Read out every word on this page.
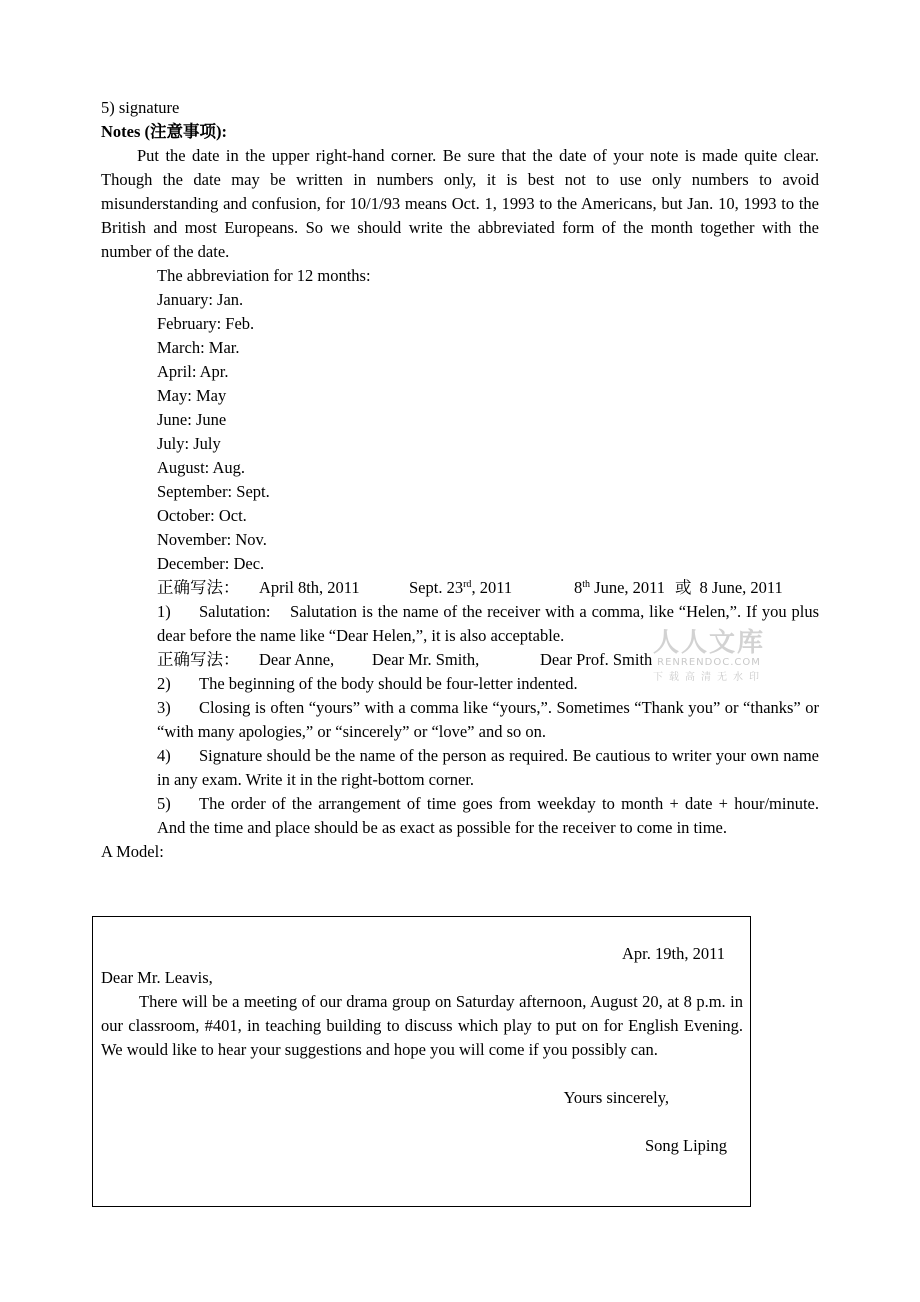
5) signature
Notes (注意事项):
Put the date in the upper right-hand corner. Be sure that the date of your note is made quite clear. Though the date may be written in numbers only, it is best not to use only numbers to avoid misunderstanding and confusion, for 10/1/93 means Oct. 1, 1993 to the Americans, but Jan. 10, 1993 to the British and most Europeans. So we should write the abbreviated form of the month together with the number of the date.
The abbreviation for 12 months:
January: Jan.
February: Feb.
March: Mar.
April: Apr.
May: May
June: June
July: July
August: Aug.
September: Sept.
October: Oct.
November: Nov.
December: Dec.
正确写法： April 8th, 2011	Sept. 23rd, 2011	8th June, 2011 或 8 June, 2011
1) Salutation:    Salutation is the name of the receiver with a comma, like “Helen,”. If you plus dear before the name like “Dear Helen,”, it is also acceptable.
正确写法： Dear Anne, Dear Mr. Smith,	Dear Prof. Smith
2) The beginning of the body should be four-letter indented.
3) Closing is often “yours” with a comma like “yours,”. Sometimes “Thank you” or “thanks” or “with many apologies,” or “sincerely” or “love” and so on.
4) Signature should be the name of the person as required. Be cautious to writer your own name in any exam. Write it in the right-bottom corner.
5) The order of the arrangement of time goes from weekday to month + date + hour/minute. And the time and place should be as exact as possible for the receiver to come in time.
A Model:
人人文库
RENRENDOC.COM
下载高清无水印
Apr. 19th, 2011
Dear Mr. Leavis,
There will be a meeting of our drama group on Saturday afternoon, August 20, at 8 p.m. in our classroom, #401, in teaching building to discuss which play to put on for English Evening. We would like to hear your suggestions and hope you will come if you possibly can.
Yours sincerely,
Song Liping
